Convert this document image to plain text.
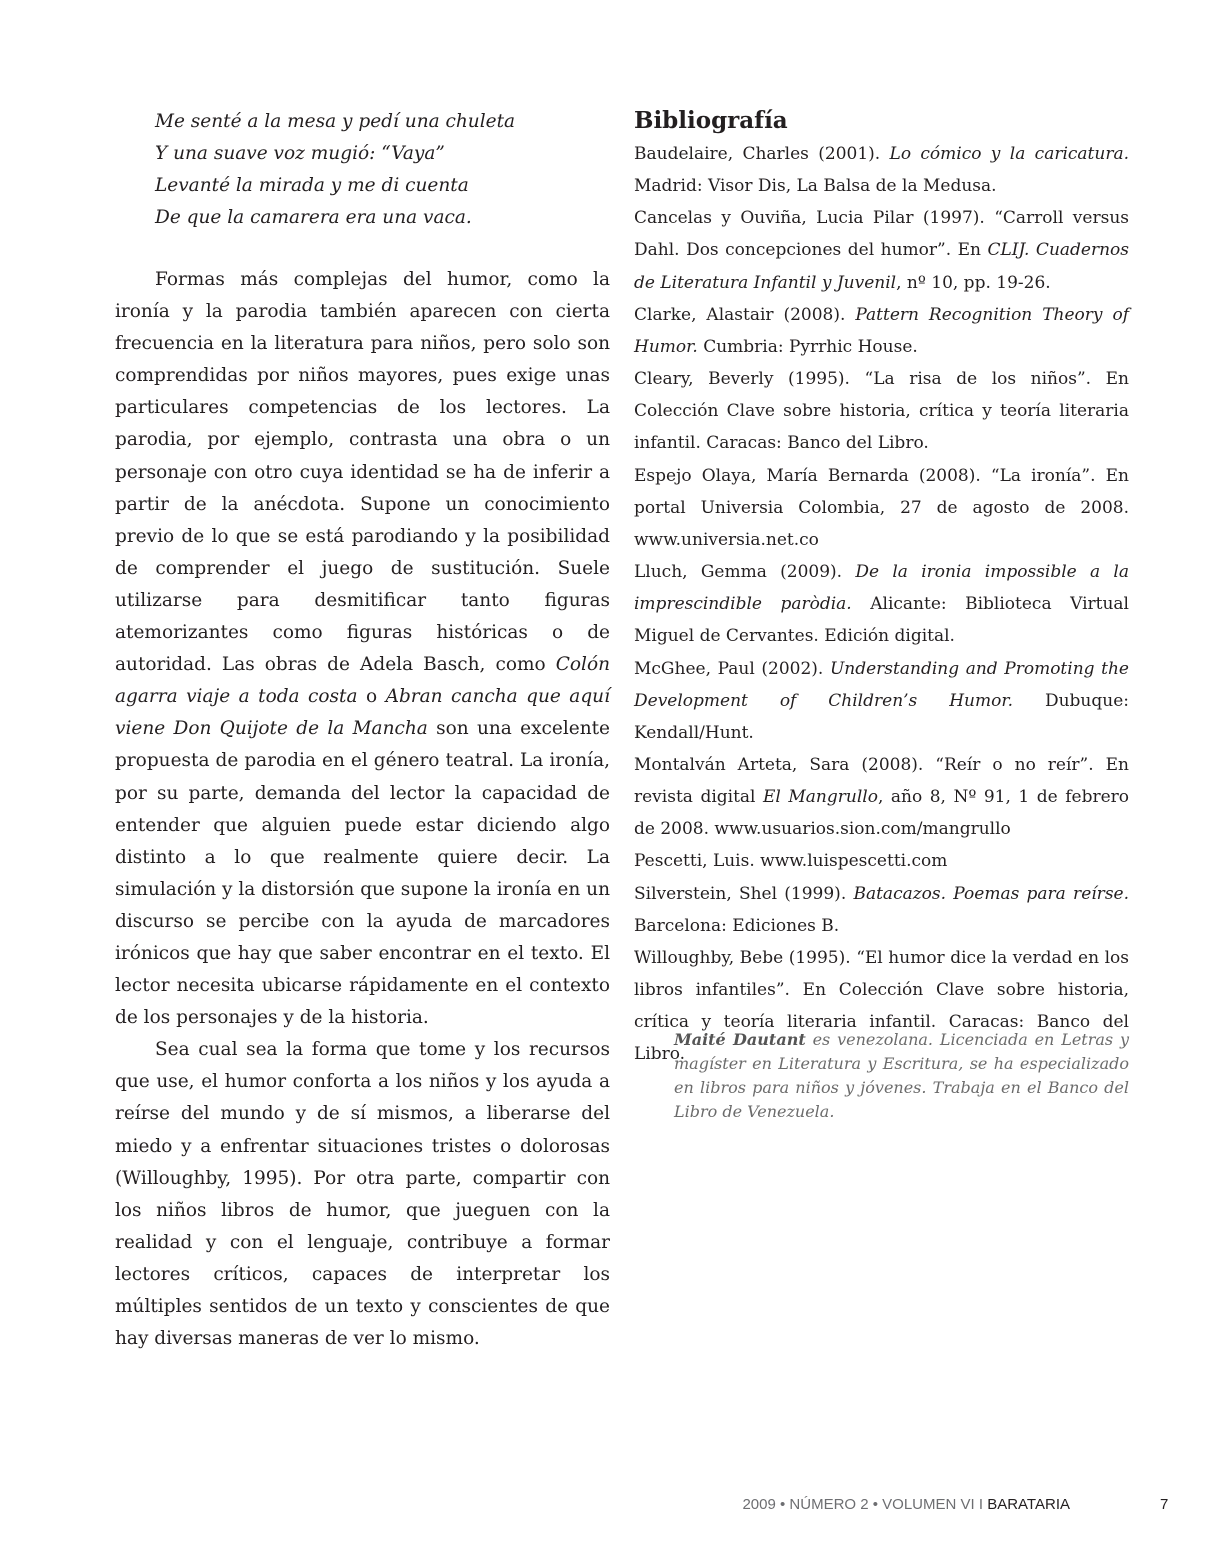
Me senté a la mesa y pedí una chuleta
Y una suave voz mugió: “Vaya”
Levanté la mirada y me di cuenta
De que la camarera era una vaca.

Formas más complejas del humor, como la ironía y la parodia también aparecen con cierta frecuencia en la literatura para niños, pero solo son comprendidas por niños mayores, pues exige unas particulares competencias de los lectores. La parodia, por ejemplo, contrasta una obra o un personaje con otro cuya identidad se ha de inferir a partir de la anécdota. Supone un conocimiento previo de lo que se está parodiando y la posibilidad de comprender el juego de sustitución. Suele utilizarse para desmitificar tanto figuras atemorizantes como figuras históricas o de autoridad. Las obras de Adela Basch, como Colón agarra viaje a toda costa o Abran cancha que aquí viene Don Quijote de la Mancha son una excelente propuesta de parodia en el género teatral. La ironía, por su parte, demanda del lector la capacidad de entender que alguien puede estar diciendo algo distinto a lo que realmente quiere decir. La simulación y la distorsión que supone la ironía en un discurso se percibe con la ayuda de marcadores irónicos que hay que saber encontrar en el texto. El lector necesita ubicarse rápidamente en el contexto de los personajes y de la historia.

Sea cual sea la forma que tome y los recursos que use, el humor conforta a los niños y los ayuda a reírse del mundo y de sí mismos, a liberarse del miedo y a enfrentar situaciones tristes o dolorosas (Willoughby, 1995). Por otra parte, compartir con los niños libros de humor, que jueguen con la realidad y con el lenguaje, contribuye a formar lectores críticos, capaces de interpretar los múltiples sentidos de un texto y conscientes de que hay diversas maneras de ver lo mismo.

Bibliografía
Baudelaire, Charles (2001). Lo cómico y la caricatura. Madrid: Visor Dis, La Balsa de la Medusa.
Cancelas y Ouviña, Lucia Pilar (1997). “Carroll versus Dahl. Dos concepciones del humor”. En CLIJ. Cuadernos de Literatura Infantil y Juvenil, nº 10, pp. 19-26.
Clarke, Alastair (2008). Pattern Recognition Theory of Humor. Cumbria: Pyrrhic House.
Cleary, Beverly (1995). “La risa de los niños”. En Colección Clave sobre historia, crítica y teoría literaria infantil. Caracas: Banco del Libro.
Espejo Olaya, María Bernarda (2008). “La ironía”. En portal Universia Colombia, 27 de agosto de 2008. www.universia.net.co
Lluch, Gemma (2009). De la ironia impossible a la imprescindible paròdia. Alicante: Biblioteca Virtual Miguel de Cervantes. Edición digital.
McGhee, Paul (2002). Understanding and Promoting the Development of Children’s Humor. Dubuque: Kendall/Hunt.
Montalván Arteta, Sara (2008). “Reír o no reír”. En revista digital El Mangrullo, año 8, Nº 91, 1 de febrero de 2008. www.usuarios.sion.com/mangrullo
Pescetti, Luis. www.luispescetti.com
Silverstein, Shel (1999). Batacazos. Poemas para reírse. Barcelona: Ediciones B.
Willoughby, Bebe (1995). “El humor dice la verdad en los libros infantiles”. En Colección Clave sobre historia, crítica y teoría literaria infantil. Caracas: Banco del Libro.
Maité Dautant es venezolana. Licenciada en Letras y magíster en Literatura y Escritura, se ha especializado en libros para niños y jóvenes. Trabaja en el Banco del Libro de Venezuela.
2009 • NÚMERO 2 • VOLUMEN VI I BARATARIA	7
